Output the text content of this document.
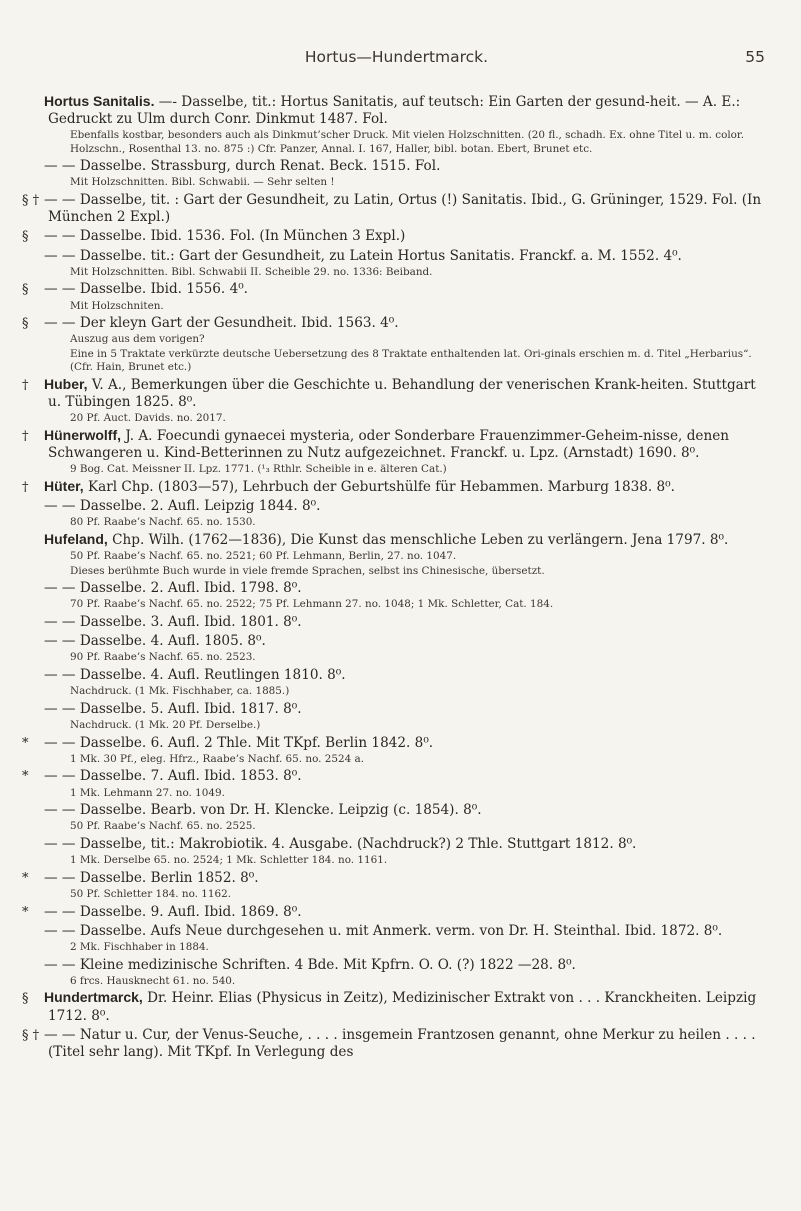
Hortus—Hundertmarck.	55

Hortus Sanitalis. —- Dasselbe, tit.: Hortus Sanitatis, auf teutsch: Ein Garten der gesund-heit. — A. E.: Gedruckt zu Ulm durch Conr. Dinkmut 1487. Fol.

Ebenfalls kostbar, besonders auch als Dinkmut’scher Druck. Mit vielen Holzschnitten. (20 fl., schadh. Ex. ohne Titel u. m. color. Holzschn., Rosenthal 13. no. 875 :) Cfr. Panzer, Annal. I. 167, Haller, bibl. botan. Ebert, Brunet etc.

— — Dasselbe. Strassburg, durch Renat. Beck. 1515. Fol.

Mit Holzschnitten. Bibl. Schwabii. — Sehr selten !

§ † — — Dasselbe, tit. : Gart der Gesundheit, zu Latin, Ortus (!) Sanitatis. Ibid., G. Grüninger, 1529. Fol. (In München 2 Expl.)

§ — — Dasselbe. Ibid. 1536. Fol. (In München 3 Expl.)

— — Dasselbe. tit.: Gart der Gesundheit, zu Latein Hortus Sanitatis. Franckf. a. M. 1552. 4⁰.

Mit Holzschnitten. Bibl. Schwabii II. Scheible 29. no. 1336: Beiband.

§ — — Dasselbe. Ibid. 1556. 4⁰.

Mit Holzschniten.

§ — — Der kleyn Gart der Gesundheit. Ibid. 1563. 4⁰.

Auszug aus dem vorigen?

Eine in 5 Traktate verkürzte deutsche Uebersetzung des 8 Traktate enthaltenden lat. Ori-ginals erschien m. d. Titel „Herbarius“. (Cfr. Hain, Brunet etc.)

† Huber, V. A., Bemerkungen über die Geschichte u. Behandlung der venerischen Krank-heiten. Stuttgart u. Tübingen 1825. 8⁰.

20 Pf. Auct. Davids. no. 2017.

† Hünerwolff, J. A. Foecundi gynaecei mysteria, oder Sonderbare Frauenzimmer-Geheim-nisse, denen Schwangeren u. Kind-Betterinnen zu Nutz aufgezeichnet. Franckf. u. Lpz. (Arnstadt) 1690. 8⁰.

9 Bog. Cat. Meissner II. Lpz. 1771. (¹₃ Rthlr. Scheible in e. älteren Cat.)

† Hüter, Karl Chp. (1803—57), Lehrbuch der Geburtshülfe für Hebammen. Marburg 1838. 8⁰.

— — Dasselbe. 2. Aufl. Leipzig 1844. 8⁰.

80 Pf. Raabe’s Nachf. 65. no. 1530.

Hufeland, Chp. Wilh. (1762—1836), Die Kunst das menschliche Leben zu verlängern. Jena 1797. 8⁰.

50 Pf. Raabe’s Nachf. 65. no. 2521; 60 Pf. Lehmann, Berlin, 27. no. 1047.

Dieses berühmte Buch wurde in viele fremde Sprachen, selbst ins Chinesische, übersetzt.

— — Dasselbe. 2. Aufl. Ibid. 1798. 8⁰.

70 Pf. Raabe’s Nachf. 65. no. 2522; 75 Pf. Lehmann 27. no. 1048; 1 Mk. Schletter, Cat. 184.

— — Dasselbe. 3. Aufl. Ibid. 1801. 8⁰.

— — Dasselbe. 4. Aufl. 1805. 8⁰.

90 Pf. Raabe’s Nachf. 65. no. 2523.

— — Dasselbe. 4. Aufl. Reutlingen 1810. 8⁰.

Nachdruck. (1 Mk. Fischhaber, ca. 1885.)

— — Dasselbe. 5. Aufl. Ibid. 1817. 8⁰.

Nachdruck. (1 Mk. 20 Pf. Derselbe.)

* — — Dasselbe. 6. Aufl. 2 Thle. Mit TKpf. Berlin 1842. 8⁰.

1 Mk. 30 Pf., eleg. Hfrz., Raabe’s Nachf. 65. no. 2524 a.

* — — Dasselbe. 7. Aufl. Ibid. 1853. 8⁰.

1 Mk. Lehmann 27. no. 1049.

— — Dasselbe. Bearb. von Dr. H. Klencke. Leipzig (c. 1854). 8⁰.

50 Pf. Raabe’s Nachf. 65. no. 2525.

— — Dasselbe, tit.: Makrobiotik. 4. Ausgabe. (Nachdruck?) 2 Thle. Stuttgart 1812. 8⁰.

1 Mk. Derselbe 65. no. 2524; 1 Mk. Schletter 184. no. 1161.

* — — Dasselbe. Berlin 1852. 8⁰.

50 Pf. Schletter 184. no. 1162.

* — — Dasselbe. 9. Aufl. Ibid. 1869. 8⁰.

— — Dasselbe. Aufs Neue durchgesehen u. mit Anmerk. verm. von Dr. H. Steinthal. Ibid. 1872. 8⁰.

2 Mk. Fischhaber in 1884.

— — Kleine medizinische Schriften. 4 Bde. Mit Kpfrn. O. O. (?) 1822 —28. 8⁰.

6 frcs. Hausknecht 61. no. 540.

§ Hundertmarck, Dr. Heinr. Elias (Physicus in Zeitz), Medizinischer Extrakt von . . . Kranckheiten. Leipzig 1712. 8⁰.

§ † — — Natur u. Cur, der Venus-Seuche, . . . . insgemein Frantzosen genannt, ohne Merkur zu heilen . . . . (Titel sehr lang). Mit TKpf. In Verlegung des
